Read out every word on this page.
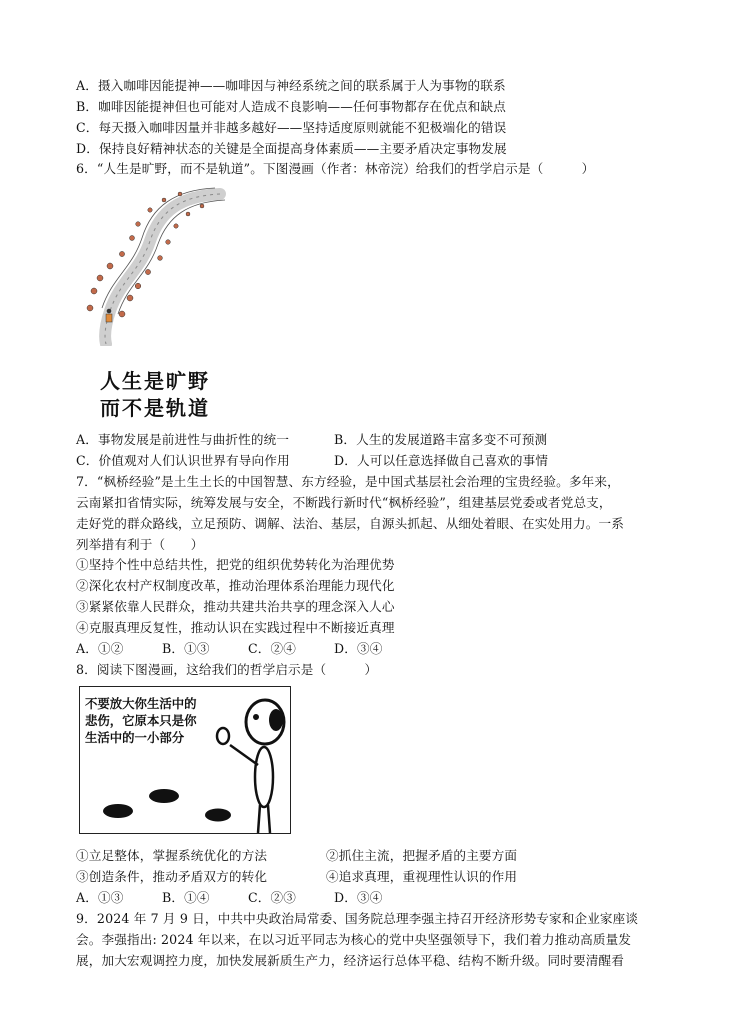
A．摄入咖啡因能提神——咖啡因与神经系统之间的联系属于人为事物的联系
B．咖啡因能提神但也可能对人造成不良影响——任何事物都存在优点和缺点
C．每天摄入咖啡因量并非越多越好——坚持适度原则就能不犯极端化的错误
D．保持良好精神状态的关键是全面提高身体素质——主要矛盾决定事物发展
6．“人生是旷野，而不是轨道”。下图漫画（作者：林帝浣）给我们的哲学启示是（　　　）
人生是旷野
而不是轨道
A．事物发展是前进性与曲折性的统一	B．人生的发展道路丰富多变不可预测
C．价值观对人们认识世界有导向作用	D．人可以任意选择做自己喜欢的事情
7．“枫桥经验”是土生土长的中国智慧、东方经验，是中国式基层社会治理的宝贵经验。多年来，
云南紧扣省情实际，统筹发展与安全，不断践行新时代“枫桥经验”，组建基层党委或者党总支，
走好党的群众路线，立足预防、调解、法治、基层，自源头抓起、从细处着眼、在实处用力。一系
列举措有利于（　　）
①坚持个性中总结共性，把党的组织优势转化为治理优势
②深化农村产权制度改革，推动治理体系治理能力现代化
③紧紧依靠人民群众，推动共建共治共享的理念深入人心
④克服真理反复性，推动认识在实践过程中不断接近真理
A．①②	B．①③	C．②④	D．③④
8．阅读下图漫画，这给我们的哲学启示是（　　　）
不要放大你生活中的
悲伤，它原本只是你
生活中的一小部分
①立足整体，掌握系统优化的方法	②抓住主流，把握矛盾的主要方面
③创造条件，推动矛盾双方的转化	④追求真理，重视理性认识的作用
A．①③	B．①④	C．②③	D．③④
9．2024 年 7 月 9 日，中共中央政治局常委、国务院总理李强主持召开经济形势专家和企业家座谈
会。李强指出: 2024 年以来，在以习近平同志为核心的党中央坚强领导下，我们着力推动高质量发
展，加大宏观调控力度，加快发展新质生产力，经济运行总体平稳、结构不断升级。同时要清醒看
